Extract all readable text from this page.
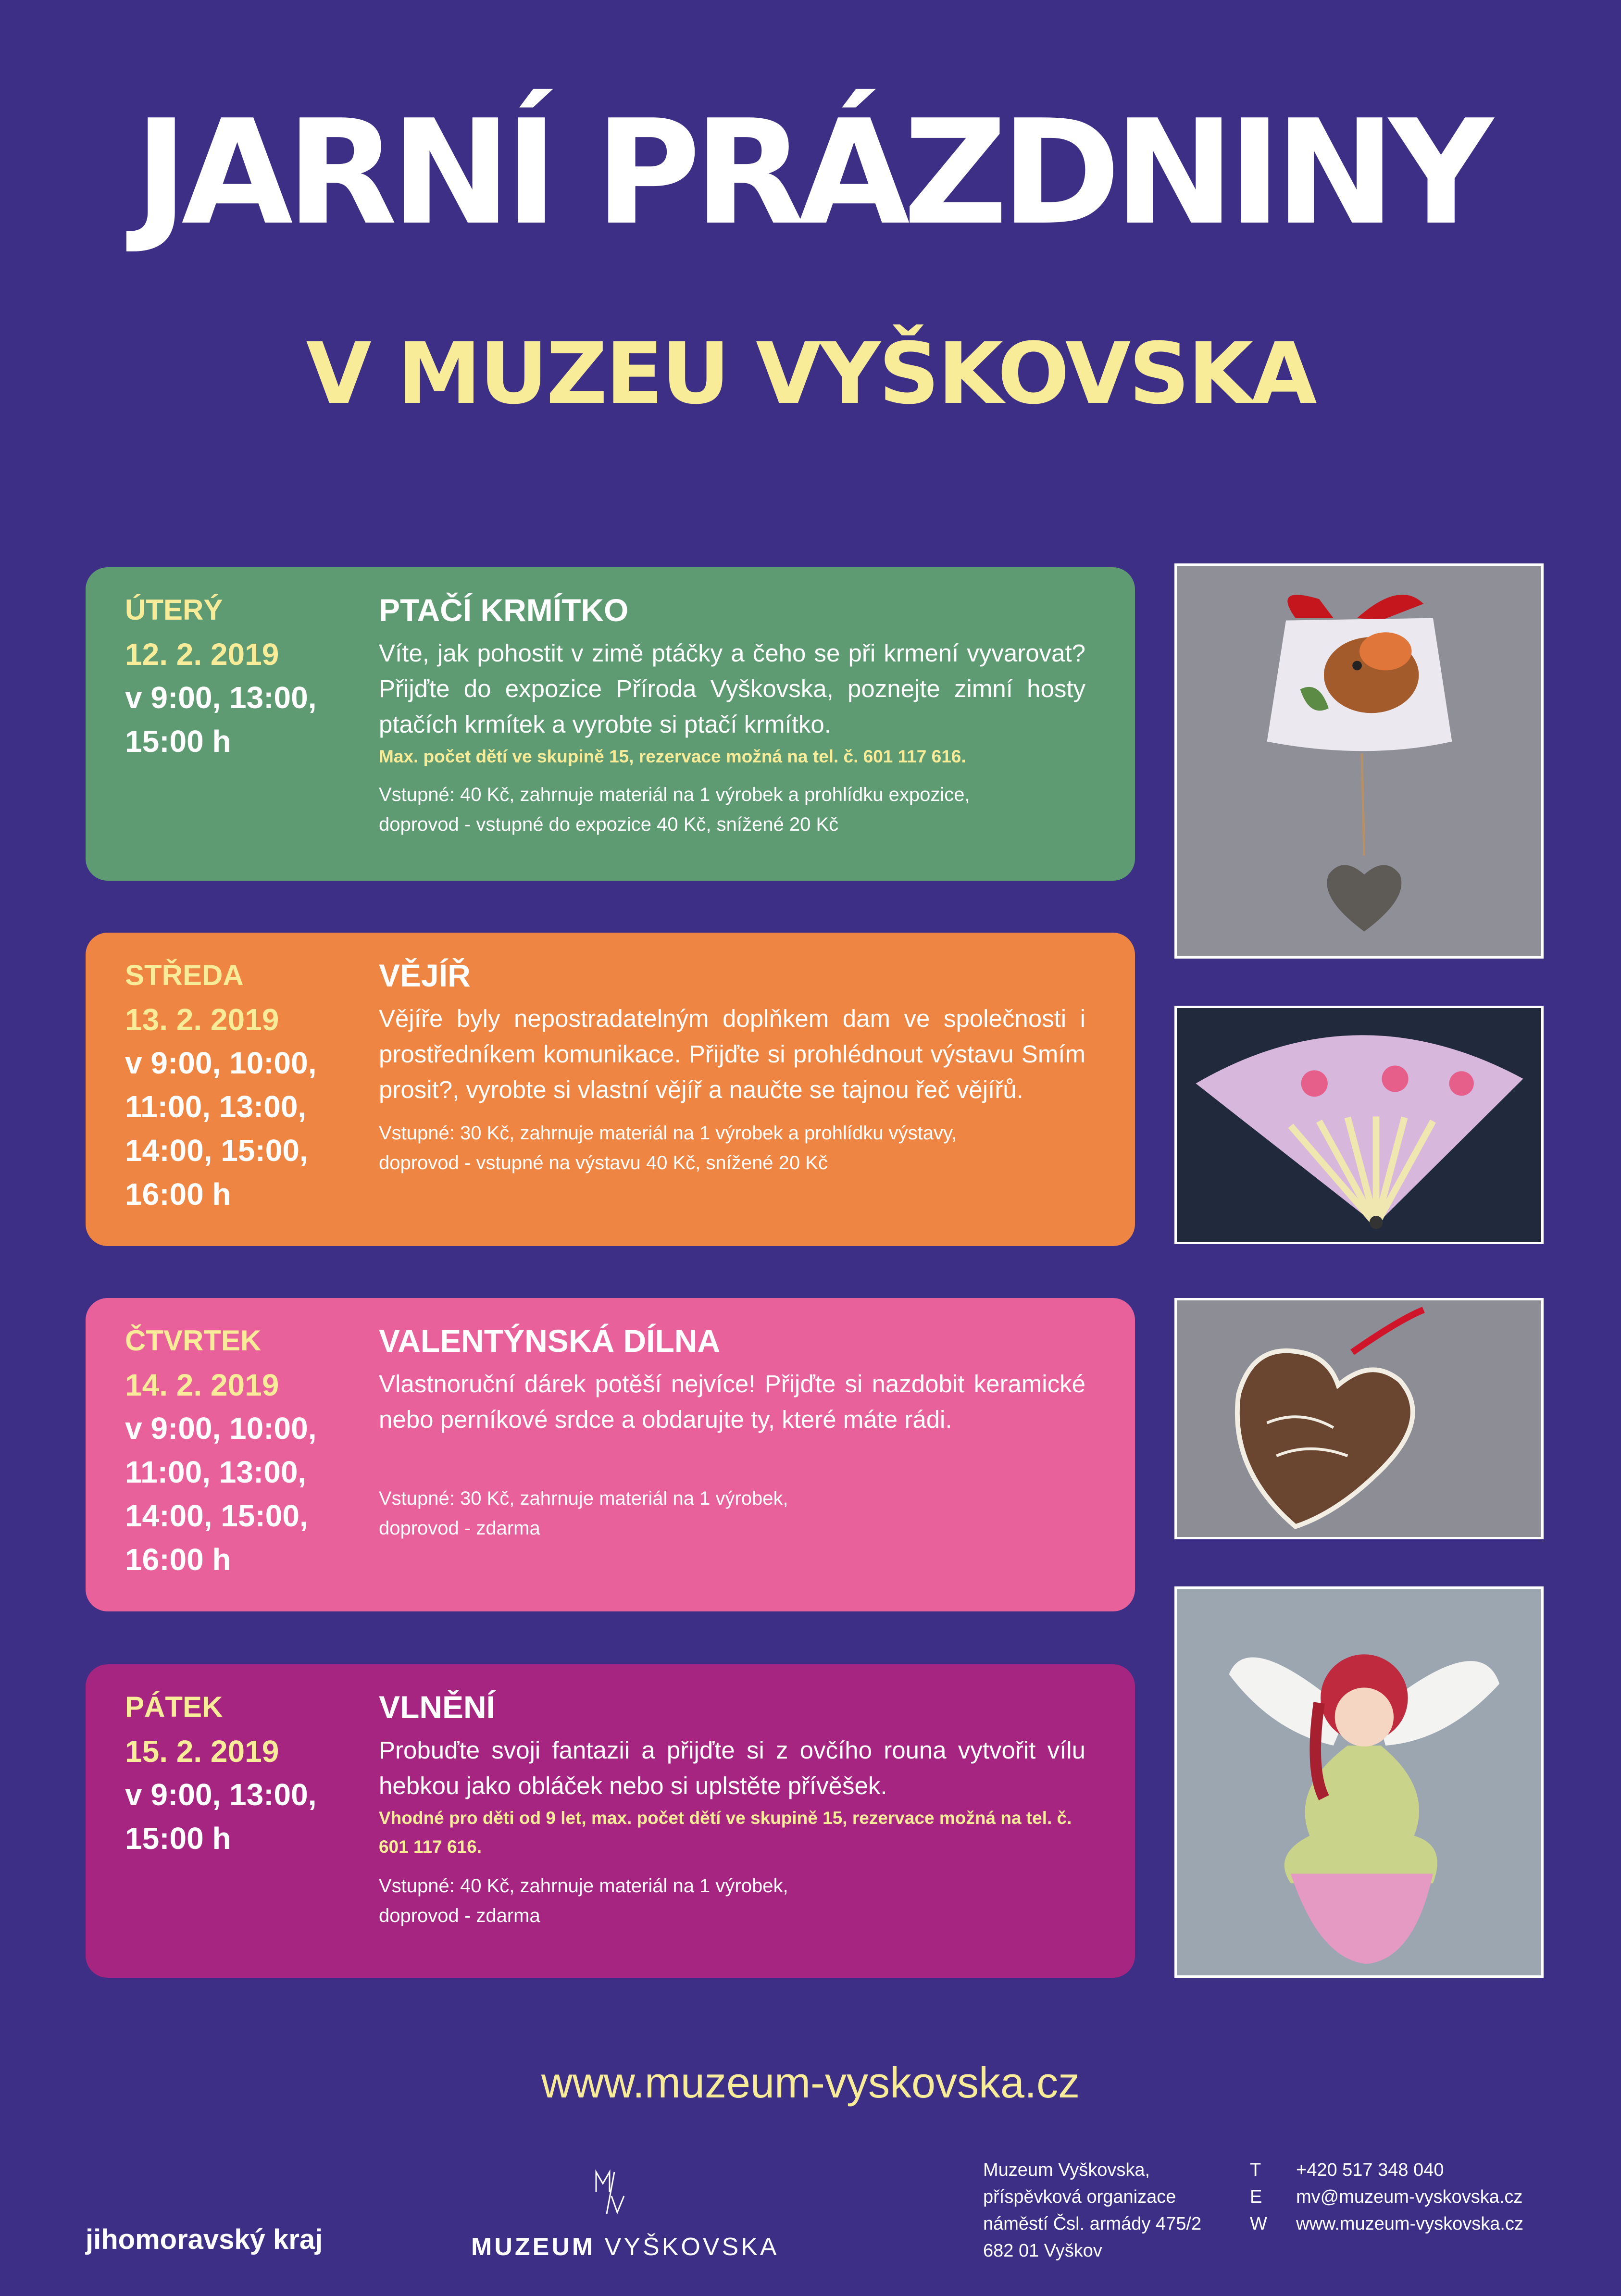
JARNÍ PRÁZDNINY
V MUZEU VYŠKOVSKA
ÚTERÝ
12. 2. 2019
v 9:00, 13:00,
15:00 h
PTAČÍ KRMÍTKO
Víte, jak pohostit v zimě ptáčky a čeho se při krmení vyvarovat? Přijďte do expozice Příroda Vyškovska, poznejte zimní hosty ptačích krmítek a vyrobte si ptačí krmítko.
Max. počet dětí ve skupině 15, rezervace možná na tel. č. 601 117 616.
Vstupné: 40 Kč, zahrnuje materiál na 1 výrobek a prohlídku expozice,
doprovod - vstupné do expozice 40 Kč, snížené 20 Kč
STŘEDA
13. 2. 2019
v 9:00, 10:00,
11:00, 13:00,
14:00, 15:00,
16:00 h
VĚJÍŘ
Vějíře byly nepostradatelným doplňkem dam ve společnosti i prostředníkem komunikace. Přijďte si prohlédnout výstavu Smím prosit?, vyrobte si vlastní vějíř a naučte se tajnou řeč vějířů.
Vstupné: 30 Kč, zahrnuje materiál na 1 výrobek a prohlídku výstavy,
doprovod - vstupné na výstavu 40 Kč, snížené 20 Kč
ČTVRTEK
14. 2. 2019
v 9:00, 10:00,
11:00, 13:00,
14:00, 15:00,
16:00 h
VALENTÝNSKÁ DÍLNA
Vlastnoruční dárek potěší nejvíce! Přijďte si nazdobit keramické nebo perníkové srdce a obdarujte ty, které máte rádi.
Vstupné: 30 Kč, zahrnuje materiál na 1 výrobek,
doprovod - zdarma
PÁTEK
15. 2. 2019
v 9:00, 13:00,
15:00 h
VLNĚNÍ
Probuďte svoji fantazii a přijďte si z ovčího rouna vytvořit vílu hebkou jako obláček nebo si uplstěte přívěšek.
Vhodné pro děti od 9 let, max. počet dětí ve skupině 15, rezervace možná na tel. č. 601 117 616.
Vstupné: 40 Kč, zahrnuje materiál na 1 výrobek,
doprovod - zdarma
www.muzeum-vyskovska.cz
jihomoravský kraj	MUZEUM VYŠKOVSKA
Muzeum Vyškovska,
příspěvková organizace
náměstí Čsl. armády 475/2
682 01 Vyškov
T	+420 517 348 040
E	mv@muzeum-vyskovska.cz
W	www.muzeum-vyskovska.cz
